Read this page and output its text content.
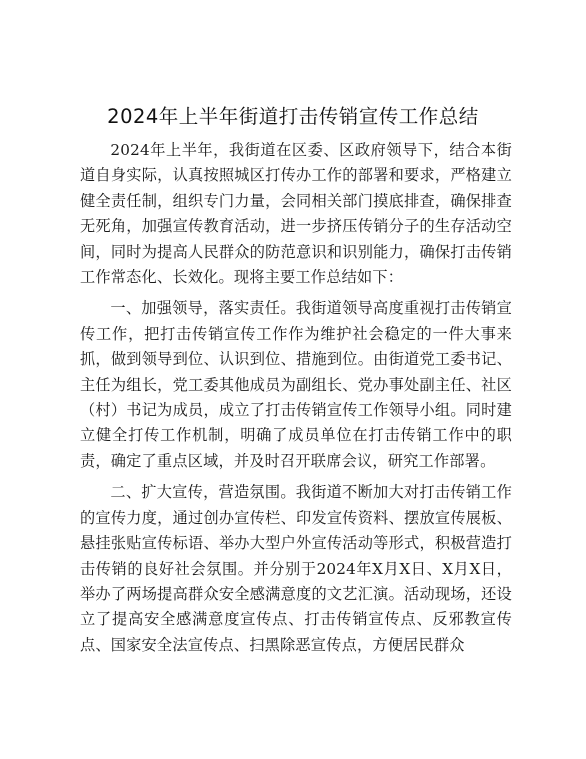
2024年上半年街道打击传销宣传工作总结

2024年上半年，我街道在区委、区政府领导下，结合本街道自身实际，认真按照城区打传办工作的部署和要求，严格建立健全责任制，组织专门力量，会同相关部门摸底排查，确保排查无死角，加强宣传教育活动，进一步挤压传销分子的生存活动空间，同时为提高人民群众的防范意识和识别能力，确保打击传销工作常态化、长效化。现将主要工作总结如下：

一、加强领导，落实责任。我街道领导高度重视打击传销宣传工作，把打击传销宣传工作作为维护社会稳定的一件大事来抓，做到领导到位、认识到位、措施到位。由街道党工委书记、主任为组长，党工委其他成员为副组长、党办事处副主任、社区（村）书记为成员，成立了打击传销宣传工作领导小组。同时建立健全打传工作机制，明确了成员单位在打击传销工作中的职责，确定了重点区域，并及时召开联席会议，研究工作部署。

二、扩大宣传，营造氛围。我街道不断加大对打击传销工作的宣传力度，通过创办宣传栏、印发宣传资料、摆放宣传展板、悬挂张贴宣传标语、举办大型户外宣传活动等形式，积极营造打击传销的良好社会氛围。并分别于2024年X月X日、X月X日，举办了两场提高群众安全感满意度的文艺汇演。活动现场，还设立了提高安全感满意度宣传点、打击传销宣传点、反邪教宣传点、国家安全法宣传点、扫黑除恶宣传点，方便居民群众
